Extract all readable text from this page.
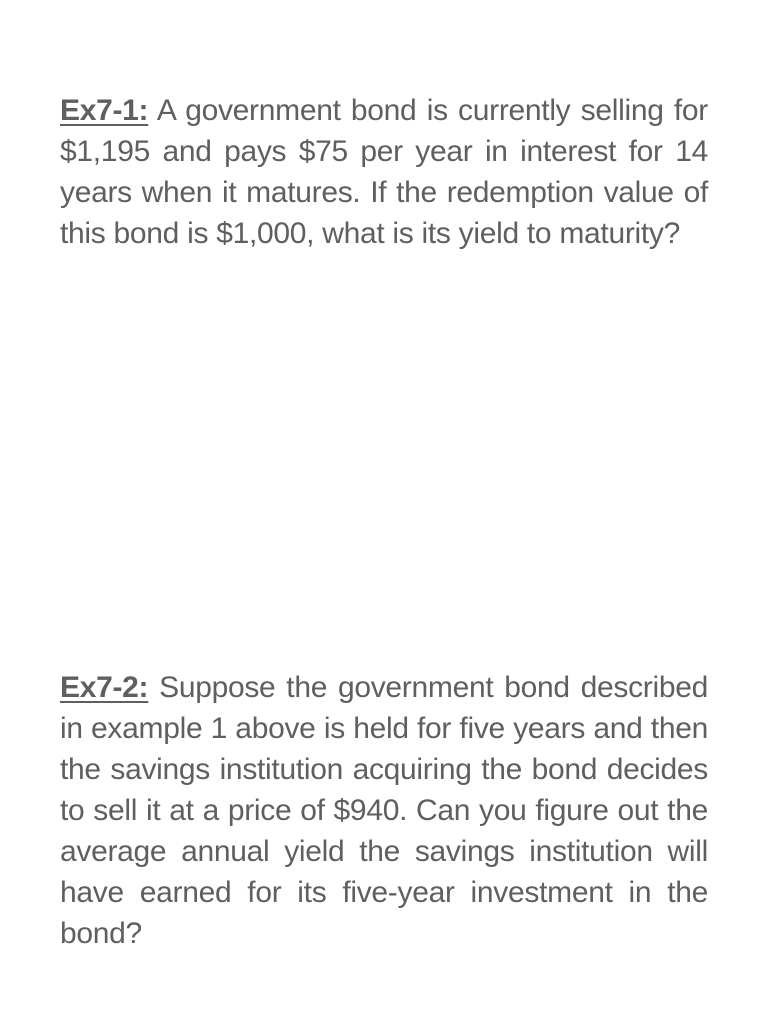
Ex7-1: A government bond is currently selling for $1,195 and pays $75 per year in interest for 14 years when it matures. If the redemption value of this bond is $1,000, what is its yield to maturity?

Ex7-2: Suppose the government bond described in example 1 above is held for five years and then the savings institution acquiring the bond decides to sell it at a price of $940. Can you figure out the average annual yield the savings institution will have earned for its five-year investment in the bond?
